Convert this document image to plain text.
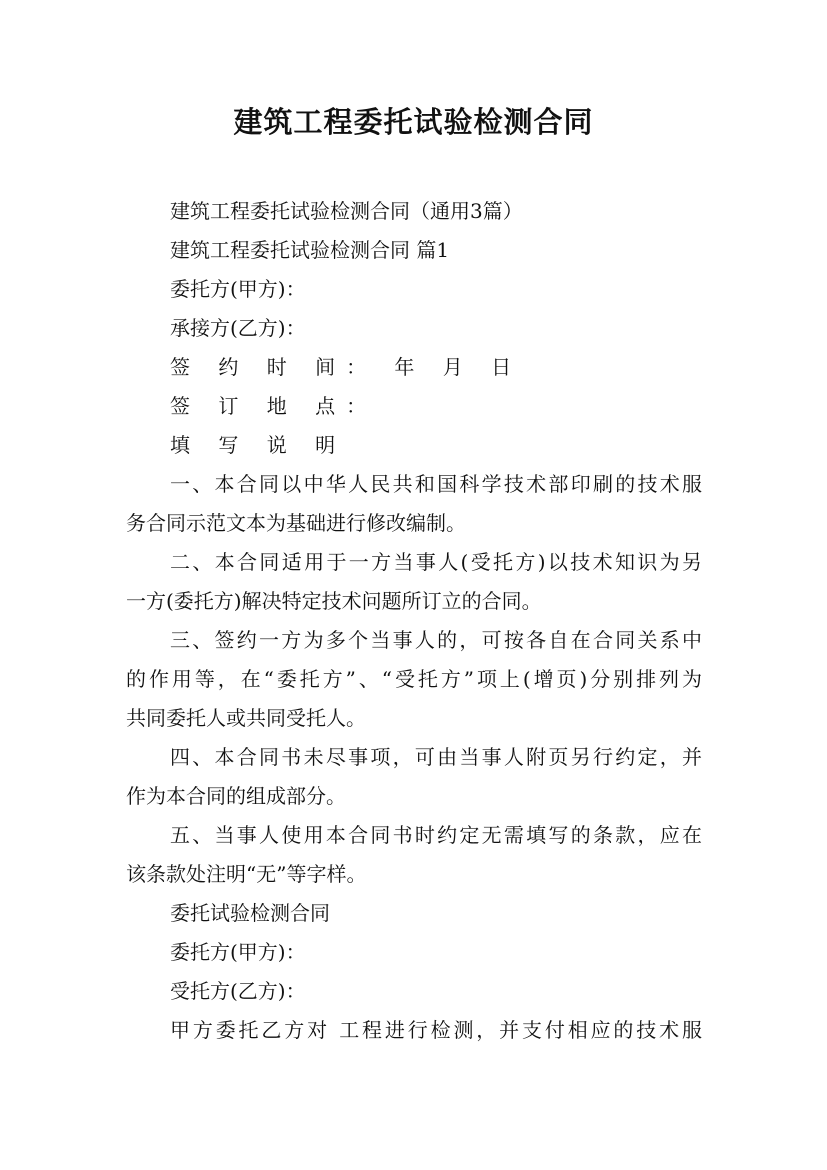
建筑工程委托试验检测合同
建筑工程委托试验检测合同（通用3篇）
建筑工程委托试验检测合同 篇1
委托方(甲方)：
承接方(乙方)：
签 约 时 间： 年 月 日
签 订 地 点：
填 写 说 明
一、本合同以中华人民共和国科学技术部印刷的技术服
务合同示范文本为基础进行修改编制。
二、本合同适用于一方当事人(受托方)以技术知识为另
一方(委托方)解决特定技术问题所订立的合同。
三、签约一方为多个当事人的，可按各自在合同关系中
的作用等，在“委托方”、“受托方”项上(增页)分别排列为
共同委托人或共同受托人。
四、本合同书未尽事项，可由当事人附页另行约定，并
作为本合同的组成部分。
五、当事人使用本合同书时约定无需填写的条款，应在
该条款处注明“无”等字样。
委托试验检测合同
委托方(甲方)：
受托方(乙方)：
甲方委托乙方对 工程进行检测，并支付相应的技术服
